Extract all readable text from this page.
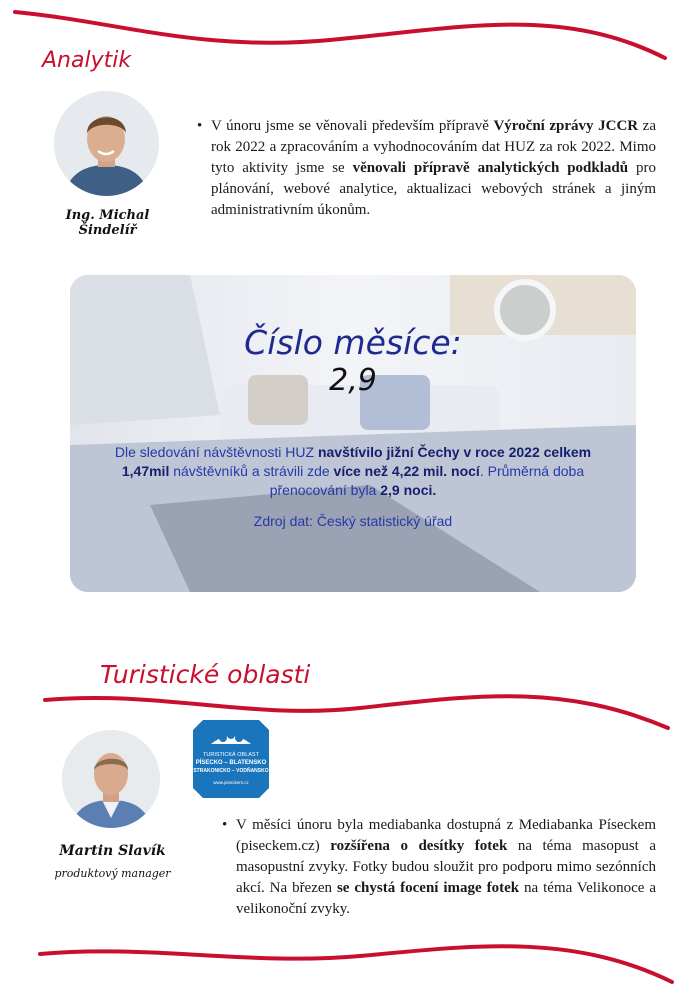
Analytik
Ing. Michal Šindelíř
• V únoru jsme se věnovali především přípravě Výroční zprávy JCCR za rok 2022 a zpracováním a vyhodnocováním dat HUZ za rok 2022. Mimo tyto aktivity jsme se věnovali přípravě analytických podkladů pro plánování, webové analytice, aktualizaci webových stránek a jiným administrativním úkonům.
Číslo měsíce:
2,9
Dle sledování návštěvnosti HUZ navštívilo jižní Čechy v roce 2022 celkem 1,47mil návštěvníků a strávili zde více než 4,22 mil. nocí. Průměrná doba přenocování byla 2,9 noci.
Zdroj dat: Český statistický úřad
Turistické oblasti
Martin Slavík
produktový manager
TURISTICKÁ OBLAST
PÍSECKO – BLATENSKO
STRAKONICKO – VODŇANSKO
www.piseckem.cz
• V měsíci únoru byla mediabanka dostupná z Mediabanka Píseckem (piseckem.cz) rozšířena o desítky fotek na téma masopust a masopustní zvyky. Fotky budou sloužit pro podporu mimo sezónních akcí. Na březen se chystá focení image fotek na téma Velikonoce a velikonoční zvyky.
